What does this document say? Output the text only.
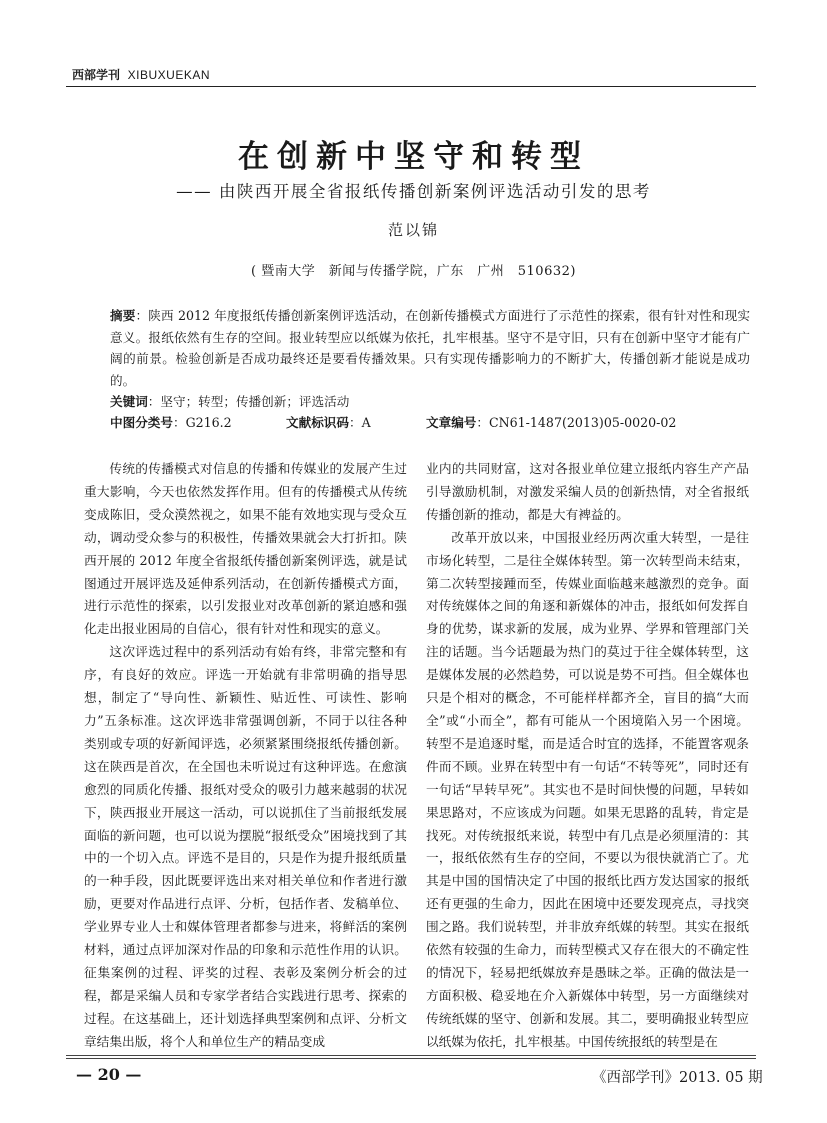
西部学刊 XIBUXUEKAN
在创新中坚守和转型
—— 由陕西开展全省报纸传播创新案例评选活动引发的思考
范以锦
( 暨南大学　新闻与传播学院，广东　广州　510632)
摘要：陕西 2012 年度报纸传播创新案例评选活动，在创新传播模式方面进行了示范性的探索，很有针对性和现实意义。报纸依然有生存的空间。报业转型应以纸媒为依托，扎牢根基。坚守不是守旧，只有在创新中坚守才能有广阔的前景。检验创新是否成功最终还是要看传播效果。只有实现传播影响力的不断扩大，传播创新才能说是成功的。
关键词：坚守；转型；传播创新；评选活动
中图分类号：G216.2	文献标识码：A	文章编号：CN61-1487(2013)05-0020-02

传统的传播模式对信息的传播和传媒业的发展产生过重大影响，今天也依然发挥作用。但有的传播模式从传统变成陈旧，受众漠然视之，如果不能有效地实现与受众互动，调动受众参与的积极性，传播效果就会大打折扣。陕西开展的 2012 年度全省报纸传播创新案例评选，就是试图通过开展评选及延伸系列活动，在创新传播模式方面，进行示范性的探索，以引发报业对改革创新的紧迫感和强化走出报业困局的自信心，很有针对性和现实的意义。

这次评选过程中的系列活动有始有终，非常完整和有序，有良好的效应。评选一开始就有非常明确的指导思想，制定了“导向性、新颖性、贴近性、可读性、影响力”五条标准。这次评选非常强调创新，不同于以往各种类别或专项的好新闻评选，必须紧紧围绕报纸传播创新。这在陕西是首次，在全国也未听说过有这种评选。在愈演愈烈的同质化传播、报纸对受众的吸引力越来越弱的状况下，陕西报业开展这一活动，可以说抓住了当前报纸发展面临的新问题，也可以说为摆脱“报纸受众”困境找到了其中的一个切入点。评选不是目的，只是作为提升报纸质量的一种手段，因此既要评选出来对相关单位和作者进行激励，更要对作品进行点评、分析，包括作者、发稿单位、学业界专业人士和媒体管理者都参与进来，将鲜活的案例材料，通过点评加深对作品的印象和示范性作用的认识。征集案例的过程、评奖的过程、表彰及案例分析会的过程，都是采编人员和专家学者结合实践进行思考、探索的过程。在这基础上，还计划选择典型案例和点评、分析文章结集出版，将个人和单位生产的精品变成

业内的共同财富，这对各报业单位建立报纸内容生产产品引导激励机制，对激发采编人员的创新热情，对全省报纸传播创新的推动，都是大有裨益的。

改革开放以来，中国报业经历两次重大转型，一是往市场化转型，二是往全媒体转型。第一次转型尚未结束，第二次转型接踵而至，传媒业面临越来越激烈的竞争。面对传统媒体之间的角逐和新媒体的冲击，报纸如何发挥自身的优势，谋求新的发展，成为业界、学界和管理部门关注的话题。当今话题最为热门的莫过于往全媒体转型，这是媒体发展的必然趋势，可以说是势不可挡。但全媒体也只是个相对的概念，不可能样样都齐全，盲目的搞“大而全”或“小而全”，都有可能从一个困境陷入另一个困境。转型不是追逐时髦，而是适合时宜的选择，不能置客观条件而不顾。业界在转型中有一句话“不转等死”，同时还有一句话“早转早死”。其实也不是时间快慢的问题，早转如果思路对，不应该成为问题。如果无思路的乱转，肯定是找死。对传统报纸来说，转型中有几点是必须厘清的：其一，报纸依然有生存的空间，不要以为很快就消亡了。尤其是中国的国情决定了中国的报纸比西方发达国家的报纸还有更强的生命力，因此在困境中还要发现亮点，寻找突围之路。我们说转型，并非放弃纸媒的转型。其实在报纸依然有较强的生命力，而转型模式又存在很大的不确定性的情况下，轻易把纸媒放弃是愚昧之举。正确的做法是一方面积极、稳妥地在介入新媒体中转型，另一方面继续对传统纸媒的坚守、创新和发展。其二，要明确报业转型应以纸媒为依托，扎牢根基。中国传统报纸的转型是在

— 20 —	《西部学刊》2013. 05 期
